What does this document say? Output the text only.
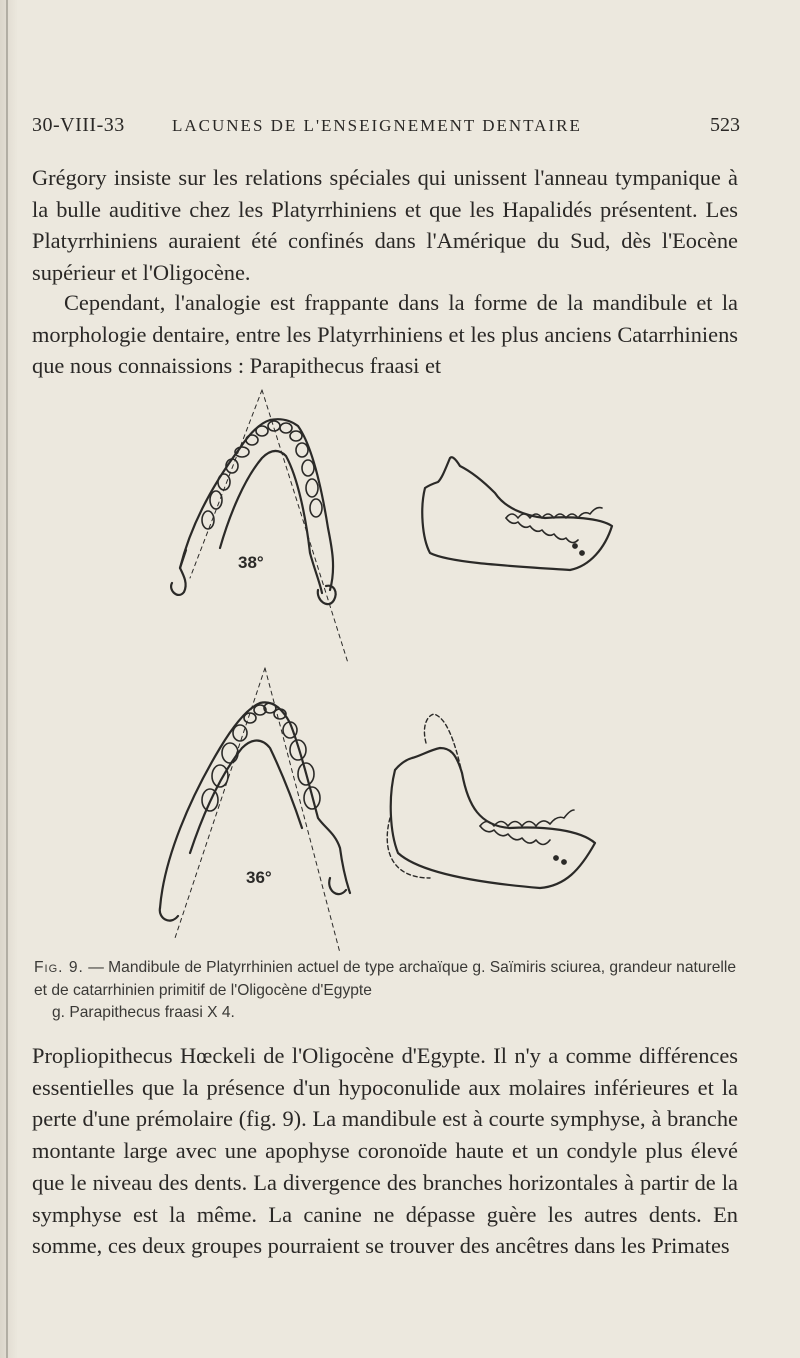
30-VIII-33	LACUNES DE L'ENSEIGNEMENT DENTAIRE	523

Grégory insiste sur les relations spéciales qui unissent l'anneau tympanique à la bulle auditive chez les Platyrrhiniens et que les Hapalidés présentent. Les Platyrrhiniens auraient été confinés dans l'Amérique du Sud, dès l'Eocène supérieur et l'Oligocène.

Cependant, l'analogie est frappante dans la forme de la mandibule et la morphologie dentaire, entre les Platyrrhiniens et les plus anciens Catarrhiniens que nous connaissions : Parapithecus fraasi et

38°
36°
Fig. 9. — Mandibule de Platyrrhinien actuel de type archaïque g. Saïmiris sciurea, grandeur naturelle et de catarrhinien primitif de l'Oligocène d'Egypte
g. Parapithecus fraasi X 4.

Propliopithecus Hœckeli de l'Oligocène d'Egypte. Il n'y a comme différences essentielles que la présence d'un hypoconulide aux molaires inférieures et la perte d'une prémolaire (fig. 9). La mandibule est à courte symphyse, à branche montante large avec une apophyse coronoïde haute et un condyle plus élevé que le niveau des dents. La divergence des branches horizontales à partir de la symphyse est la même. La canine ne dépasse guère les autres dents. En somme, ces deux groupes pourraient se trouver des ancêtres dans les Primates
